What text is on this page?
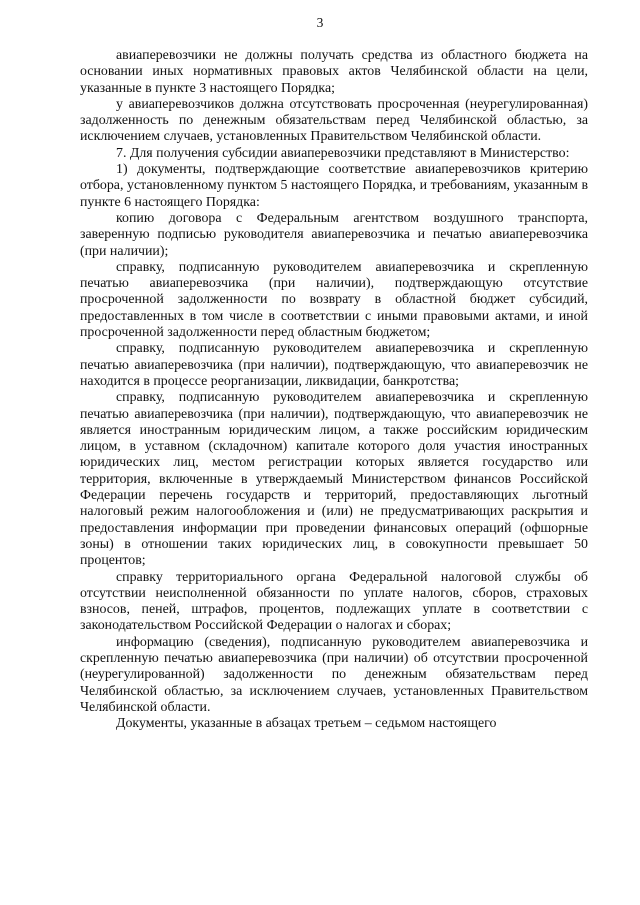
3

авиаперевозчики не должны получать средства из областного бюджета на основании иных нормативных правовых актов Челябинской области на цели, указанные в пункте 3 настоящего Порядка;

у авиаперевозчиков должна отсутствовать просроченная (неурегулированная) задолженность по денежным обязательствам перед Челябинской областью, за исключением случаев, установленных Правительством Челябинской области.

7. Для получения субсидии авиаперевозчики представляют в Министерство:

1) документы, подтверждающие соответствие авиаперевозчиков критерию отбора, установленному пунктом 5 настоящего Порядка, и требованиям, указанным в пункте 6 настоящего Порядка:

копию договора с Федеральным агентством воздушного транспорта, заверенную подписью руководителя авиаперевозчика и печатью авиаперевозчика (при наличии);

справку, подписанную руководителем авиаперевозчика и скрепленную печатью авиаперевозчика (при наличии), подтверждающую отсутствие просроченной задолженности по возврату в областной бюджет субсидий, предоставленных в том числе в соответствии с иными правовыми актами, и иной просроченной задолженности перед областным бюджетом;

справку, подписанную руководителем авиаперевозчика и скрепленную печатью авиаперевозчика (при наличии), подтверждающую, что авиаперевозчик не находится в процессе реорганизации, ликвидации, банкротства;

справку, подписанную руководителем авиаперевозчика и скрепленную печатью авиаперевозчика (при наличии), подтверждающую, что авиаперевозчик не является иностранным юридическим лицом, а также российским юридическим лицом, в уставном (складочном) капитале которого доля участия иностранных юридических лиц, местом регистрации которых является государство или территория, включенные в утверждаемый Министерством финансов Российской Федерации перечень государств и территорий, предоставляющих льготный налоговый режим налогообложения и (или) не предусматривающих раскрытия и предоставления информации при проведении финансовых операций (офшорные зоны) в отношении таких юридических лиц, в совокупности превышает 50 процентов;

справку территориального органа Федеральной налоговой службы об отсутствии неисполненной обязанности по уплате налогов, сборов, страховых взносов, пеней, штрафов, процентов, подлежащих уплате в соответствии с законодательством Российской Федерации о налогах и сборах;

информацию (сведения), подписанную руководителем авиаперевозчика и скрепленную печатью авиаперевозчика (при наличии) об отсутствии просроченной (неурегулированной) задолженности по денежным обязательствам перед Челябинской областью, за исключением случаев, установленных Правительством Челябинской области.

Документы, указанные в абзацах третьем – седьмом настоящего
